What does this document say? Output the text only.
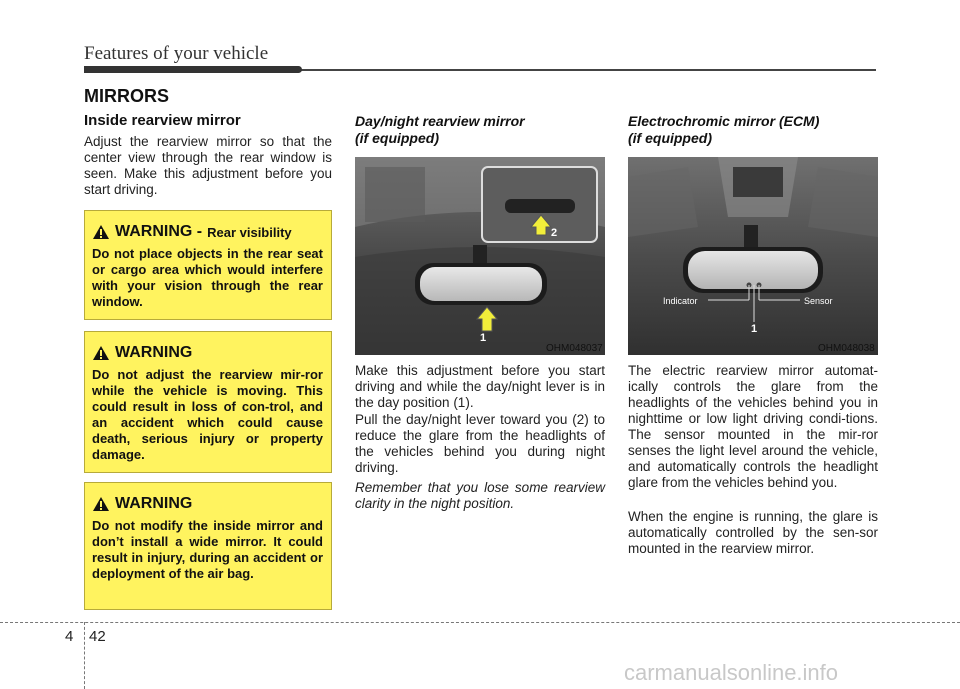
Features of your vehicle
MIRRORS
Inside rearview mirror

Adjust the rearview mirror so that the center view through the rear window is seen. Make this adjustment before you start driving.

WARNING - Rear visibility

Do not place objects in the rear seat or cargo area which would interfere with your vision through the rear window.

WARNING

Do not adjust the rearview mir-ror while the vehicle is moving. This could result in loss of con-trol, and an accident which could cause death, serious injury or property damage.

WARNING

Do not modify the inside mirror and don’t install a wide mirror. It could result in injury, during an accident or deployment of the air bag.

Day/night rearview mirror
(if equipped)
1
2
OHM048037

Make this adjustment before you start driving and while the day/night lever is in the day position (1).

Pull the day/night lever toward you (2) to reduce the glare from the headlights of the vehicles behind you during night driving.

Remember that you lose some rearview clarity in the night position.

Electrochromic mirror (ECM)
(if equipped)
Indicator	Sensor
1
OHM048038

The electric rearview mirror automat-ically controls the glare from the headlights of the vehicles behind you in nighttime or low light driving condi-tions. The sensor mounted in the mir-ror senses the light level around the vehicle, and automatically controls the headlight glare from the vehicles behind you.

When the engine is running, the glare is automatically controlled by the sen-sor mounted in the rearview mirror.

4 42
carmanualsonline.info
